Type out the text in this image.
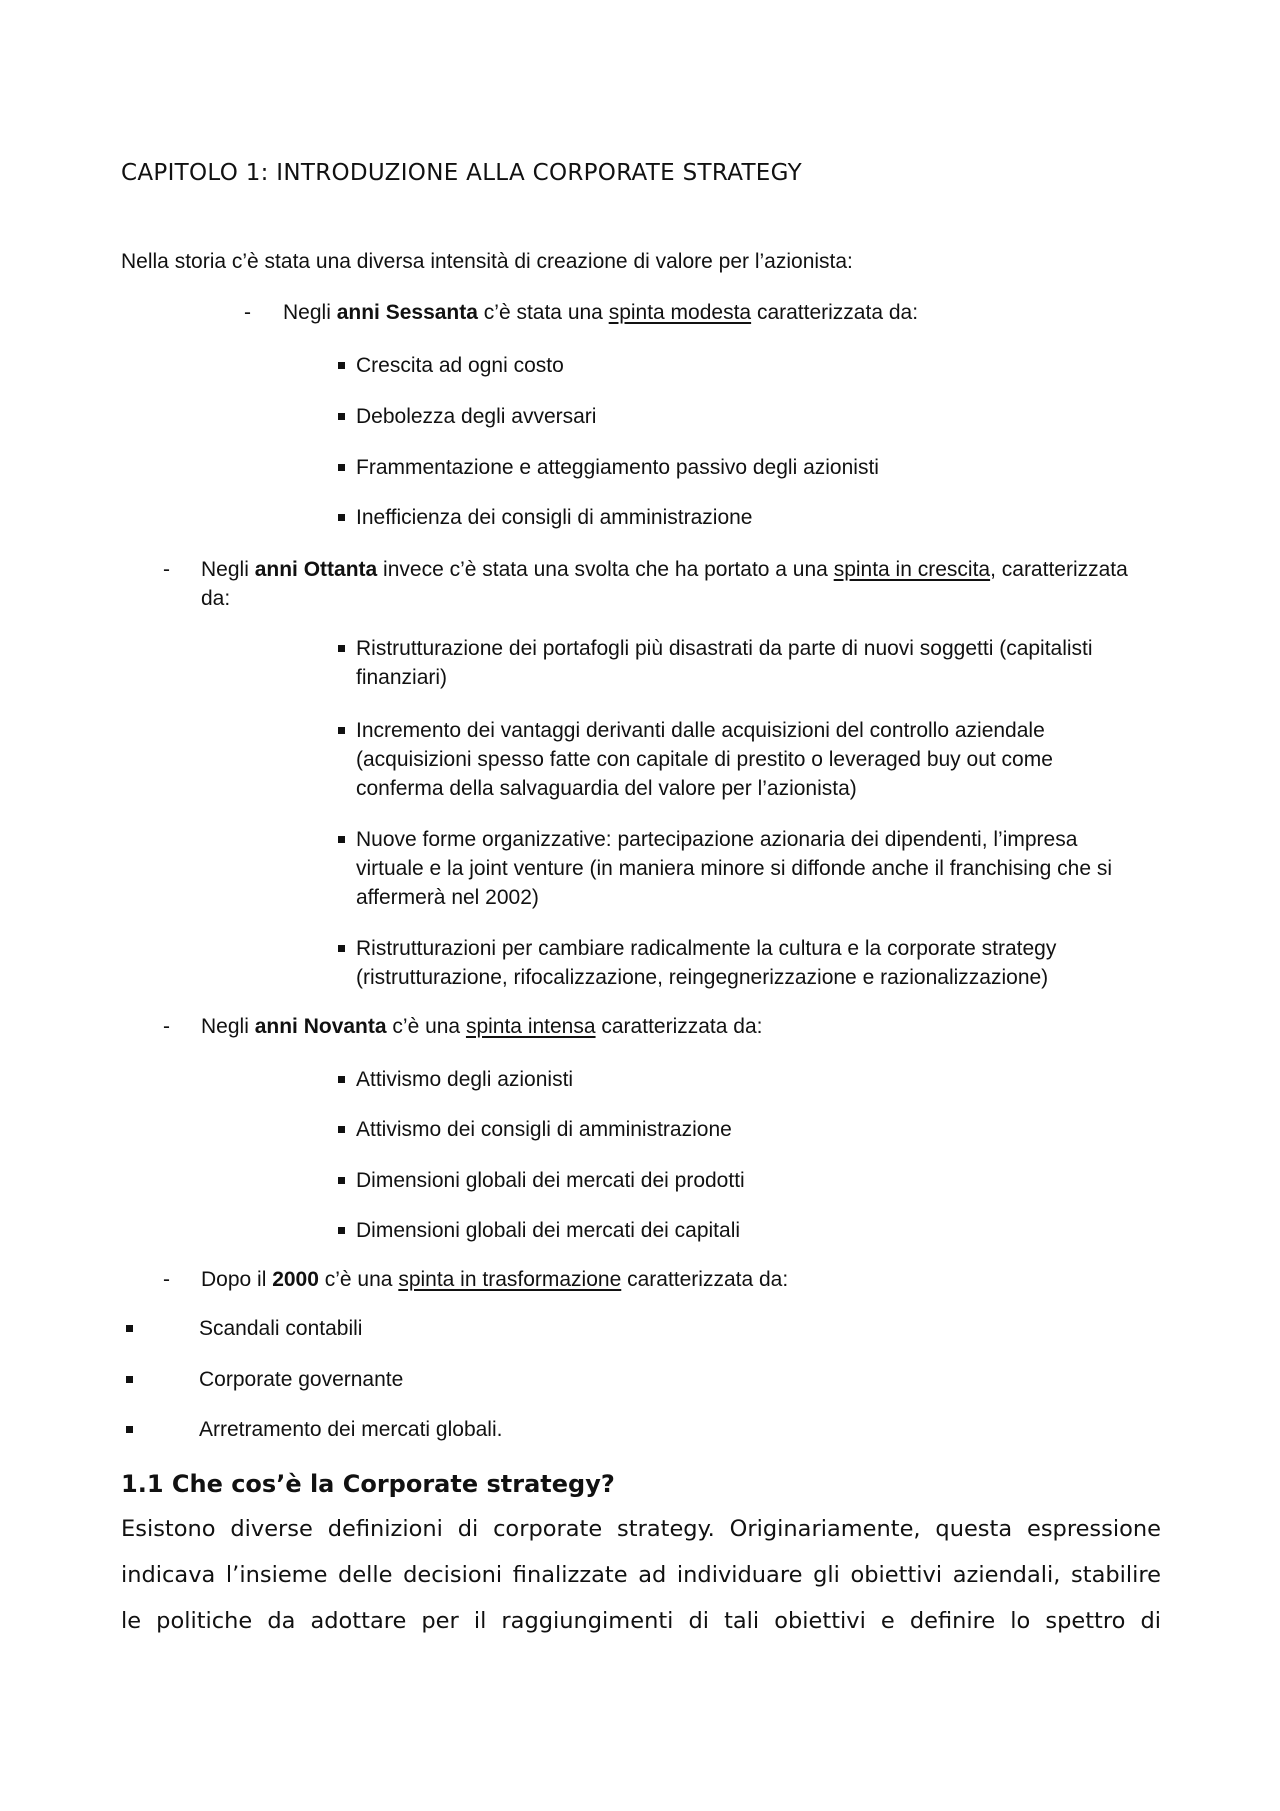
CAPITOLO 1: INTRODUZIONE ALLA CORPORATE STRATEGY
Nella storia c’è stata una diversa intensità di creazione di valore per l’azionista:
- Negli anni Sessanta c’è stata una spinta modesta caratterizzata da:
Crescita ad ogni costo
Debolezza degli avversari
Frammentazione e atteggiamento passivo degli azionisti
Inefficienza dei consigli di amministrazione
- Negli anni Ottanta invece c’è stata una svolta che ha portato a una spinta in crescita, caratterizzata
da:
Ristrutturazione dei portafogli più disastrati da parte di nuovi soggetti (capitalisti
finanziari)
Incremento dei vantaggi derivanti dalle acquisizioni del controllo aziendale
(acquisizioni spesso fatte con capitale di prestito o leveraged buy out come
conferma della salvaguardia del valore per l’azionista)
Nuove forme organizzative: partecipazione azionaria dei dipendenti, l’impresa
virtuale e la joint venture (in maniera minore si diffonde anche il franchising che si
affermerà nel 2002)
Ristrutturazioni per cambiare radicalmente la cultura e la corporate strategy
(ristrutturazione, rifocalizzazione, reingegnerizzazione e razionalizzazione)
- Negli anni Novanta c’è una spinta intensa caratterizzata da:
Attivismo degli azionisti
Attivismo dei consigli di amministrazione
Dimensioni globali dei mercati dei prodotti
Dimensioni globali dei mercati dei capitali
- Dopo il 2000 c’è una spinta in trasformazione caratterizzata da:
Scandali contabili
Corporate governante
Arretramento dei mercati globali.
1.1 Che cos’è la Corporate strategy?
Esistono diverse definizioni di corporate strategy. Originariamente, questa espressione
indicava l’insieme delle decisioni finalizzate ad individuare gli obiettivi aziendali, stabilire
le politiche da adottare per il raggiungimenti di tali obiettivi e definire lo spettro di
